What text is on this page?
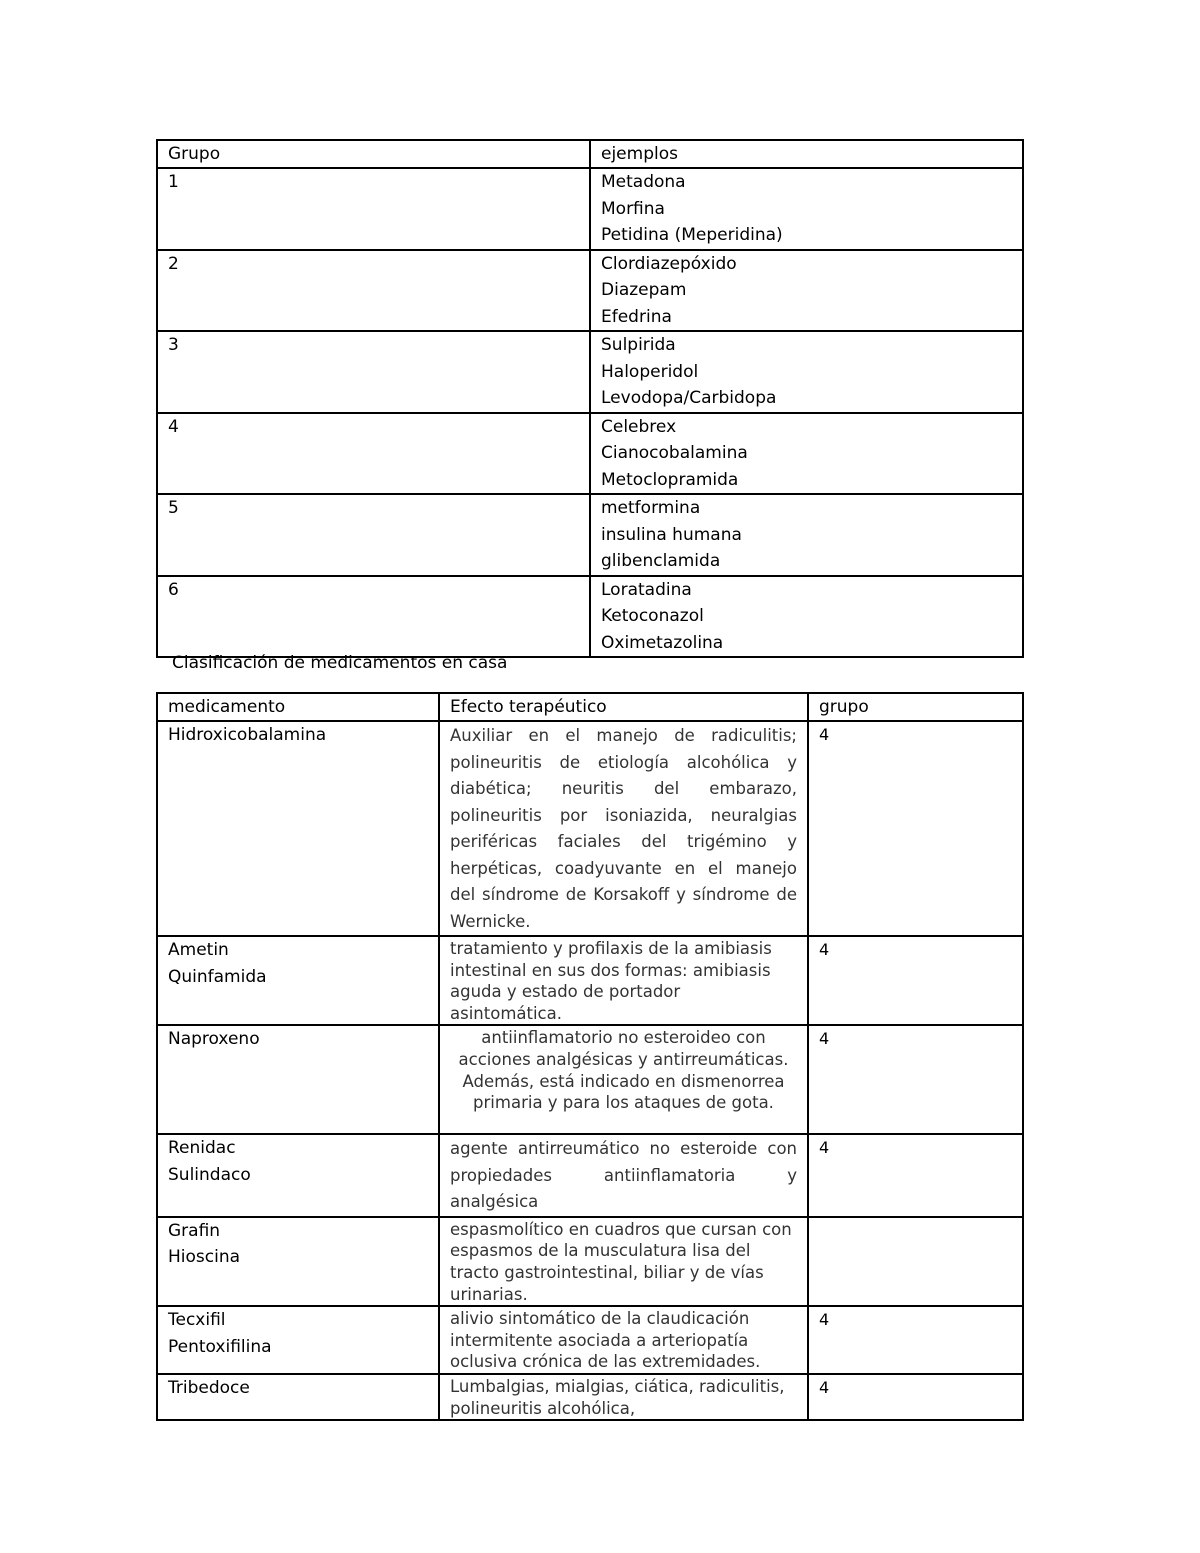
Grupo	ejemplos

1	Metadona
Morfina
Petidina (Meperidina)

2	Clordiazepóxido
Diazepam
Efedrina

3	Sulpirida
Haloperidol
Levodopa/Carbidopa

4	Celebrex
Cianocobalamina
Metoclopramida

5	metformina
insulina humana
glibenclamida

6	Loratadina
Ketoconazol
Oximetazolina
Clasificación de medicamentos en casa
medicamento	Efecto terapéutico	grupo

Hidroxicobalamina	Auxiliar en el manejo de radiculitis; polineuritis de etiología alcohólica y diabética; neuritis del embarazo, polineuritis por isoniazida, neuralgias periféricas faciales del trigémino y herpéticas, coadyuvante en el manejo del síndrome de Korsakoff y síndrome de Wernicke.	4

Ametin
Quinfamida	tratamiento y profilaxis de la amibiasis intestinal en sus dos formas: amibiasis aguda y estado de portador asintomática.	4

Naproxeno	antiinflamatorio no esteroideo con acciones analgésicas y antirreumáticas. Además, está indicado en dismenorrea primaria y para los ataques de gota.	4

Renidac
Sulindaco	agente antirreumático no esteroide con propiedades antiinflamatoria y analgésica	4

Grafin
Hioscina	espasmolítico en cuadros que cursan con espasmos de la musculatura lisa del tracto gastrointestinal, biliar y de vías urinarias.	

Tecxifil
Pentoxifilina	alivio sintomático de la claudicación intermitente asociada a arteriopatía oclusiva crónica de las extremidades.	4

Tribedoce	Lumbalgias, mialgias, ciática, radiculitis, polineuritis alcohólica,	4
